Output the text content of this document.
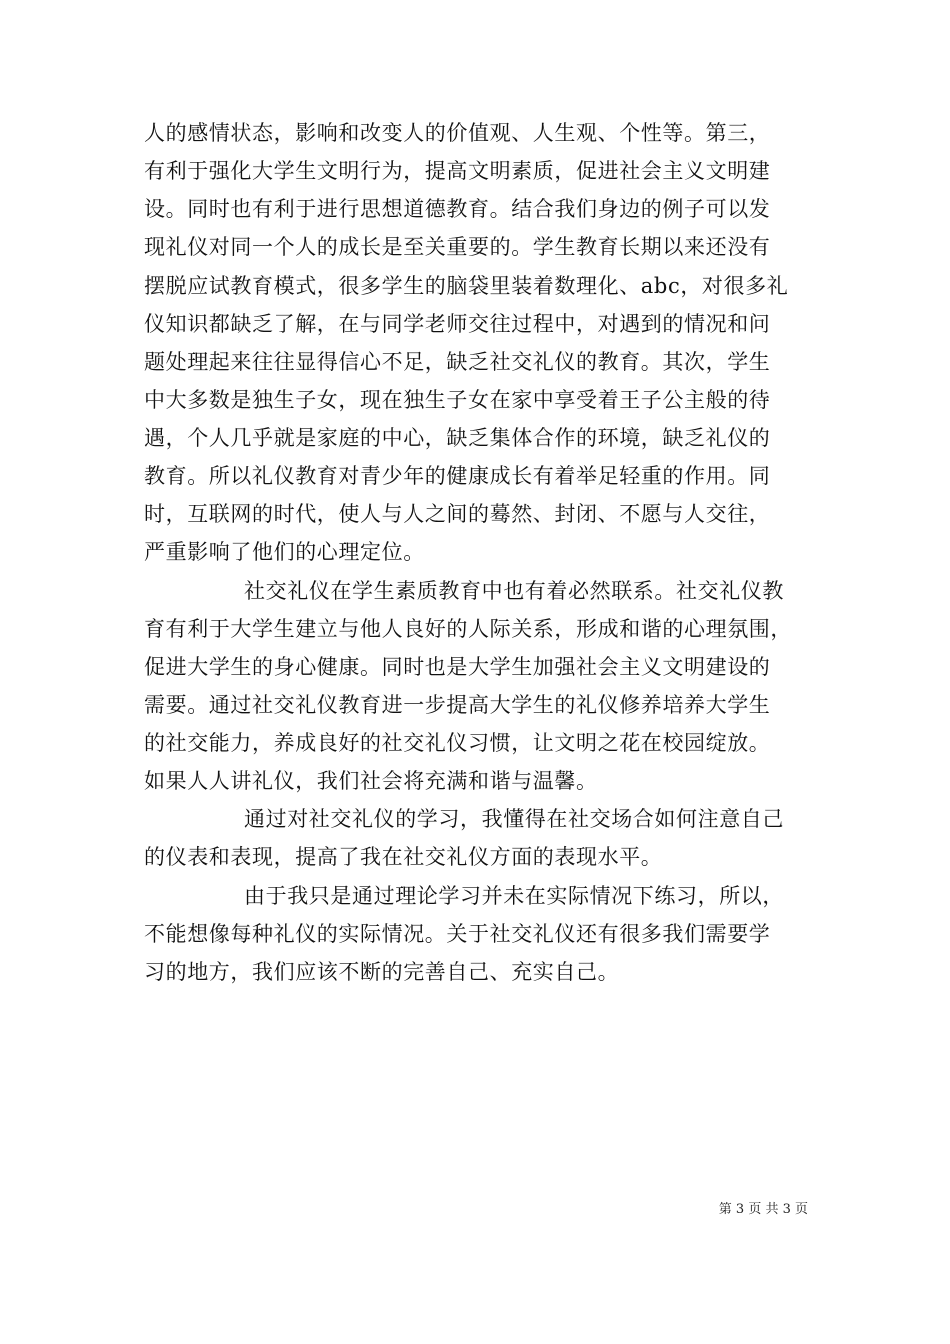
人的感情状态，影响和改变人的价值观、人生观、个性等。第三，
有利于强化大学生文明行为，提高文明素质，促进社会主义文明建
设。同时也有利于进行思想道德教育。结合我们身边的例子可以发
现礼仪对同一个人的成长是至关重要的。学生教育长期以来还没有
摆脱应试教育模式，很多学生的脑袋里装着数理化、abc，对很多礼
仪知识都缺乏了解，在与同学老师交往过程中，对遇到的情况和问
题处理起来往往显得信心不足，缺乏社交礼仪的教育。其次，学生
中大多数是独生子女，现在独生子女在家中享受着王子公主般的待
遇，个人几乎就是家庭的中心，缺乏集体合作的环境，缺乏礼仪的
教育。所以礼仪教育对青少年的健康成长有着举足轻重的作用。同
时，互联网的时代，使人与人之间的蓦然、封闭、不愿与人交往，
严重影响了他们的心理定位。
社交礼仪在学生素质教育中也有着必然联系。社交礼仪教
育有利于大学生建立与他人良好的人际关系，形成和谐的心理氛围，
促进大学生的身心健康。同时也是大学生加强社会主义文明建设的
需要。通过社交礼仪教育进一步提高大学生的礼仪修养培养大学生
的社交能力，养成良好的社交礼仪习惯，让文明之花在校园绽放。
如果人人讲礼仪，我们社会将充满和谐与温馨。
通过对社交礼仪的学习，我懂得在社交场合如何注意自己
的仪表和表现，提高了我在社交礼仪方面的表现水平。
由于我只是通过理论学习并未在实际情况下练习，所以，
不能想像每种礼仪的实际情况。关于社交礼仪还有很多我们需要学
习的地方，我们应该不断的完善自己、充实自己。
第 3 页 共 3 页
